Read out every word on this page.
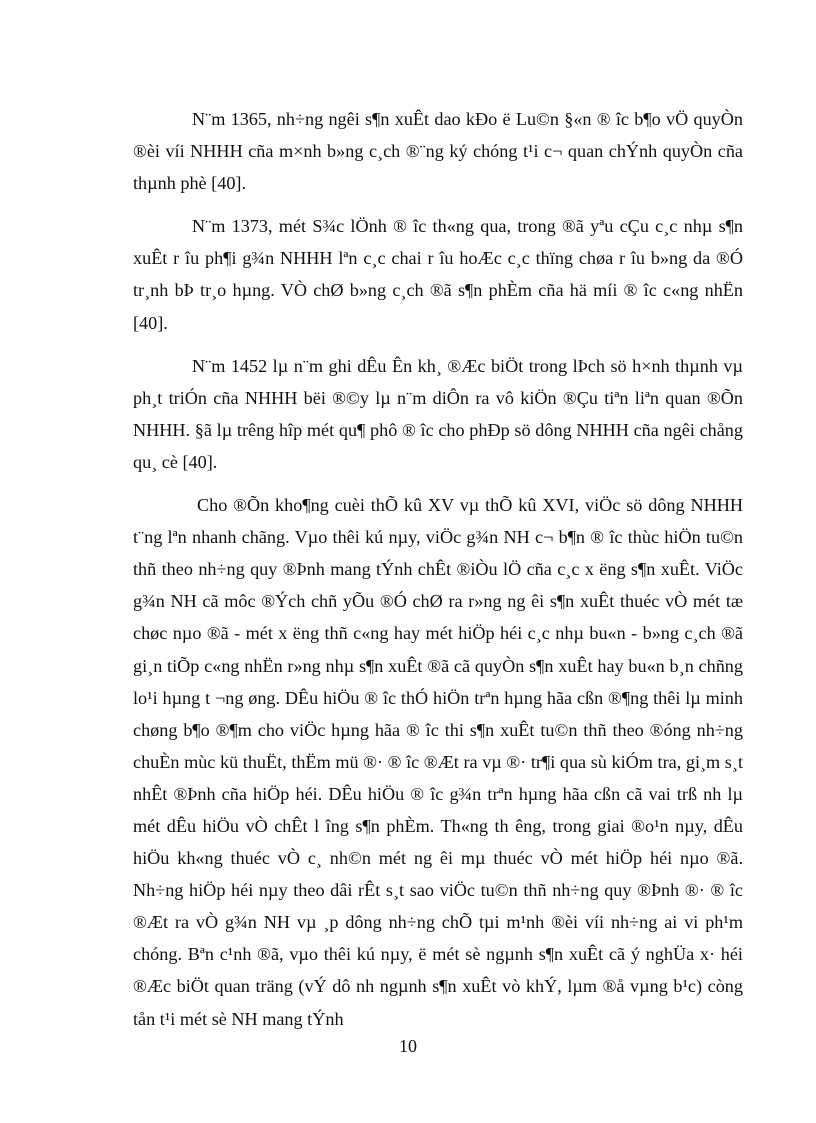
N¨m 1365, nh÷ng ngêi s¶n xuÊt dao kÐo ë Lu©n §«n ® îc b¶o vÖ quyÒn ®èi víi NHHH cña m×nh b»ng c¸ch ®¨ng ký chóng t¹i c¬ quan chÝnh quyÒn cña thµnh phè [40].

N¨m 1373, mét S¾c lÖnh ® îc th«ng qua, trong ®ã yªu cÇu c¸c nhµ s¶n xuÊt r îu ph¶i g¾n NHHH lªn c¸c chai r îu hoÆc c¸c thïng chøa r îu b»ng da ®Ó tr¸nh bÞ tr¸o hµng. VÒ chØ b»ng c¸ch ®ã s¶n phÈm cña hä míi ® îc c«ng nhËn [40].

N¨m 1452 lµ n¨m ghi dÊu Ên kh¸ ®Æc biÖt trong lÞch sö h×nh thµnh vµ ph¸t triÓn cña NHHH bëi ®©y lµ n¨m diÔn ra vô kiÖn ®Çu tiªn liªn quan ®Õn NHHH. §ã lµ trêng hîp mét qu¶ phô ® îc cho phÐp sö dông NHHH cña ngêi chång qu¸ cè [40].

Cho ®Õn kho¶ng cuèi thÕ kû XV vµ thÕ kû XVI, viÖc sö dông NHHH t¨ng lªn nhanh chãng. Vµo thêi kú nµy, viÖc g¾n NH c¬ b¶n ® îc thùc hiÖn tu©n thñ theo nh÷ng quy ®Þnh mang tÝnh chÊt ®iÒu lÖ cña c¸c x ëng s¶n xuÊt. ViÖc g¾n NH cã môc ®Ých chñ yÕu ®Ó chØ ra r»ng ng êi s¶n xuÊt thuéc vÒ mét tæ chøc nµo ®ã - mét x ëng thñ c«ng hay mét hiÖp héi c¸c nhµ bu«n - b»ng c¸ch ®ã gi¸n tiÕp c«ng nhËn r»ng nhµ s¶n xuÊt ®ã cã quyÒn s¶n xuÊt hay bu«n b¸n chñng lo¹i hµng t ¬ng øng. DÊu hiÖu ® îc thÓ hiÖn trªn hµng hãa cßn ®¶ng thêi lµ minh chøng b¶o ®¶m cho viÖc hµng hãa ® îc thi s¶n xuÊt tu©n thñ theo ®óng nh÷ng chuÈn mùc kü thuËt, thËm mü ®· ® îc ®Æt ra vµ ®· tr¶i qua sù kiÓm tra, gi¸m s¸t nhÊt ®Þnh cña hiÖp héi. DÊu hiÖu ® îc g¾n trªn hµng hãa cßn cã vai trß nh lµ mét dÊu hiÖu vÒ chÊt l îng s¶n phÈm. Th«ng th êng, trong giai ®o¹n nµy, dÊu hiÖu kh«ng thuéc vÒ c¸ nh©n mét ng êi mµ thuéc vÒ mét hiÖp héi nµo ®ã. Nh÷ng hiÖp héi nµy theo dâi rÊt s¸t sao viÖc tu©n thñ nh÷ng quy ®Þnh ®· ® îc ®Æt ra vÒ g¾n NH vµ ¸p dông nh÷ng chÕ tµi m¹nh ®èi víi nh÷ng ai vi ph¹m chóng. Bªn c¹nh ®ã, vµo thêi kú nµy, ë mét sè ngµnh s¶n xuÊt cã ý nghÜa x· héi ®Æc biÖt quan träng (vÝ dô nh ngµnh s¶n xuÊt vò khÝ, lµm ®å vµng b¹c) còng tån t¹i mét sè NH mang tÝnh

10
